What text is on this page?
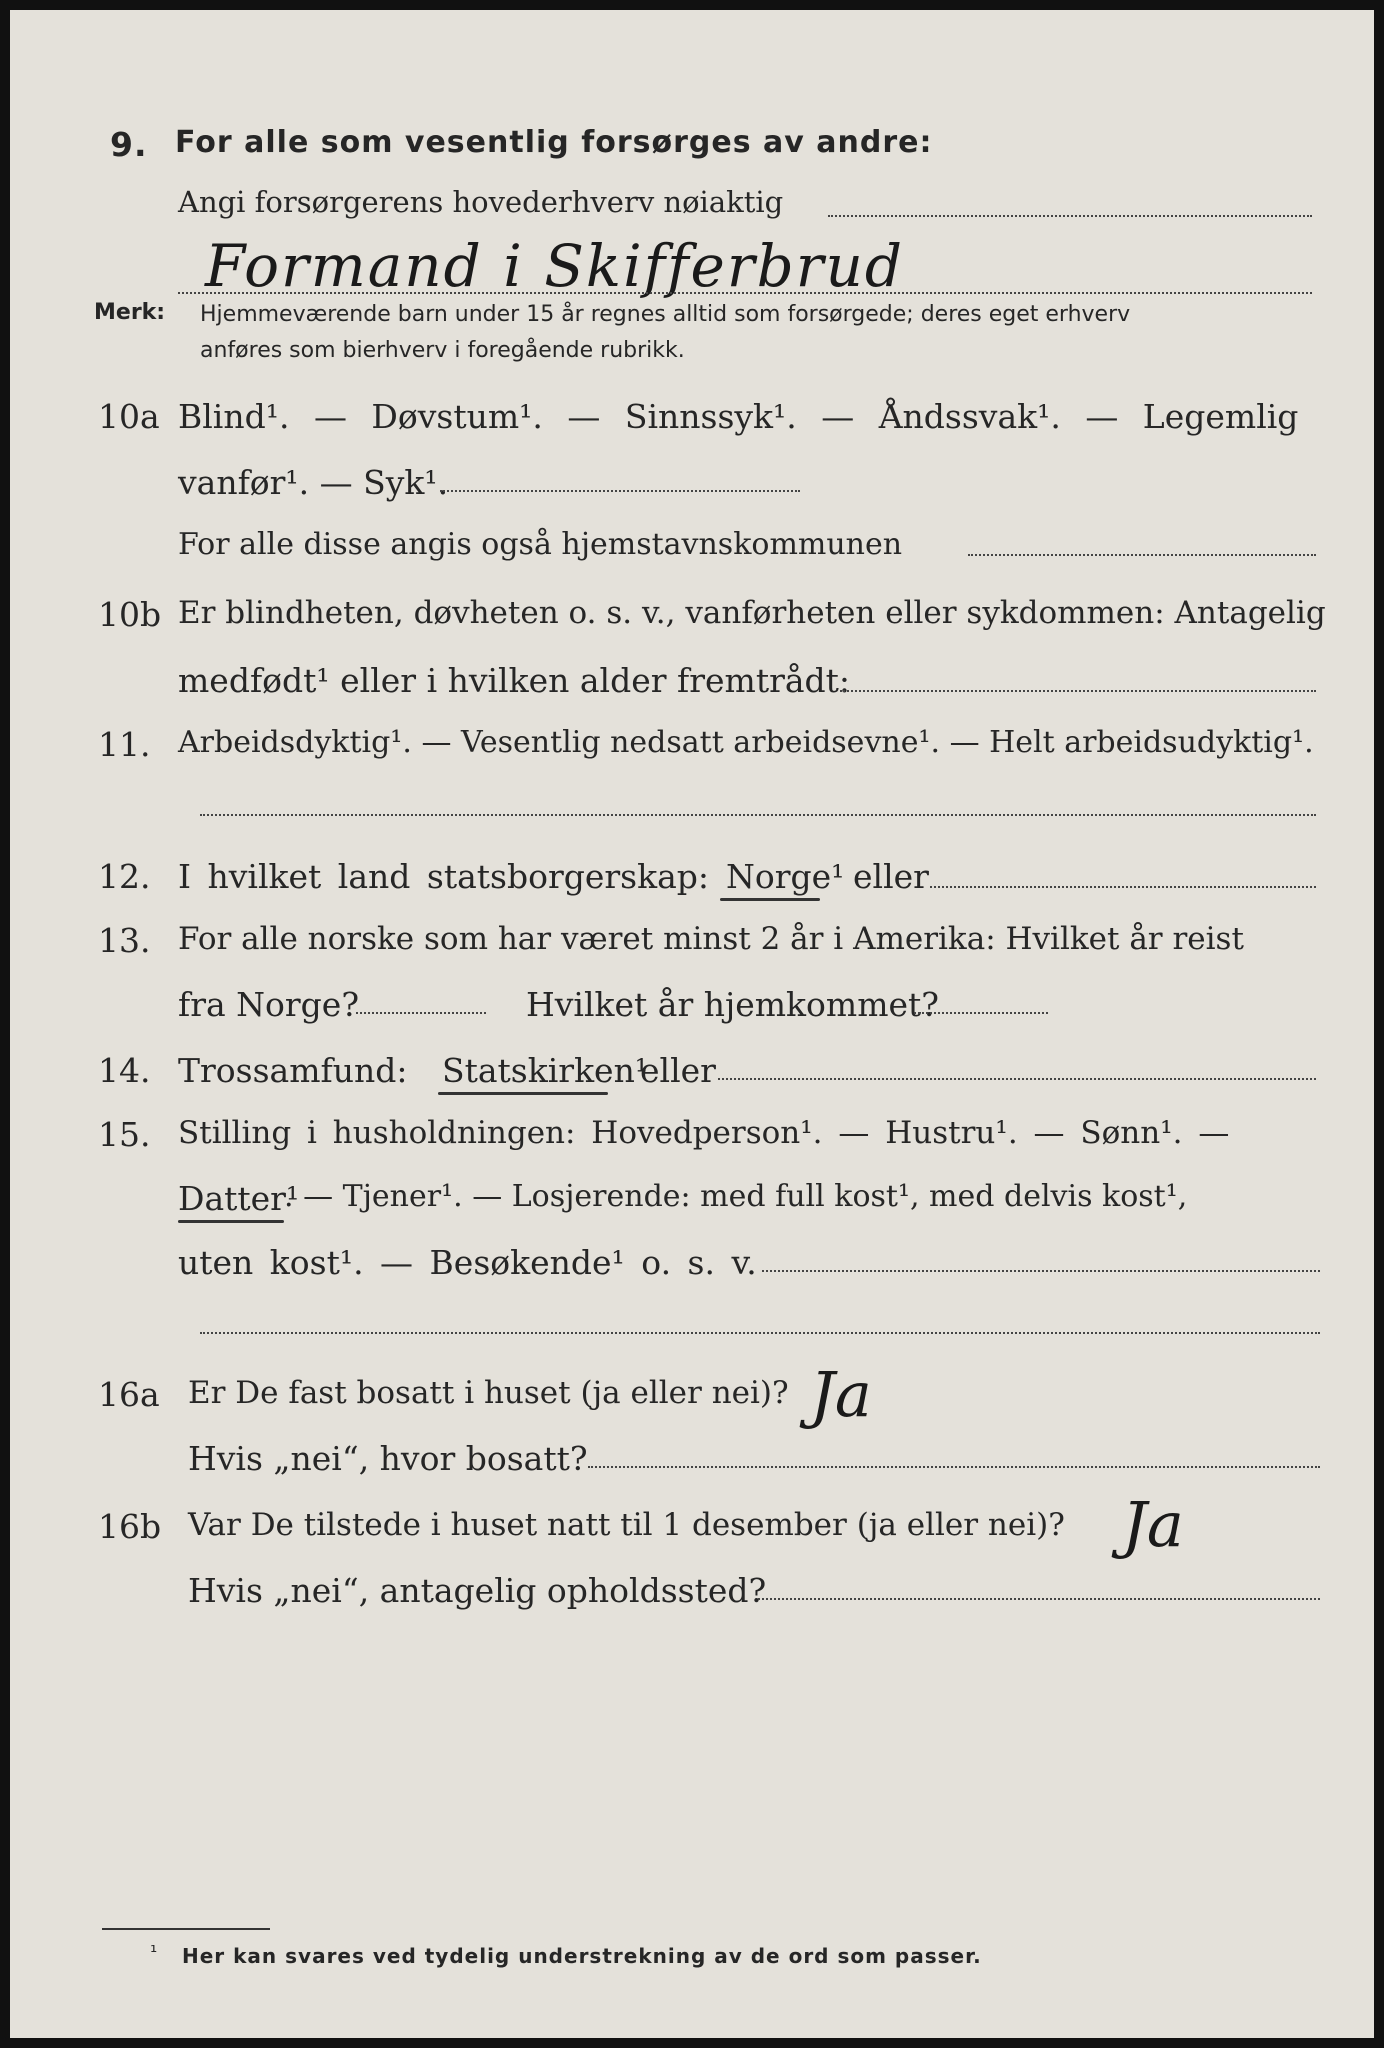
9. For alle som vesentlig forsørges av andre:
Angi forsørgerens hovederhverv nøiaktig
Formand i Skifferbrud
Merk: Hjemmeværende barn under 15 år regnes alltid som forsørgede; deres eget erhverv
anføres som bierhverv i foregående rubrikk.
10a Blind¹. — Døvstum¹. — Sinnssyk¹. — Åndssvak¹. — Legemlig
vanfør¹. — Syk¹.
For alle disse angis også hjemstavnskommunen
10b Er blindheten, døvheten o. s. v., vanførheten eller sykdommen: Antagelig
medfødt¹ eller i hvilken alder fremtrådt:
11. Arbeidsdyktig¹. — Vesentlig nedsatt arbeidsevne¹. — Helt arbeidsudyktig¹.
12. I hvilket land statsborgerskap: Norge¹ eller
13. For alle norske som har været minst 2 år i Amerika: Hvilket år reist
fra Norge?	Hvilket år hjemkommet?
14. Trossamfund: Statskirken¹
eller
15. Stilling i husholdningen: Hovedperson¹. — Hustru¹. — Sønn¹. —
Datter¹
. — Tjener¹. — Losjerende: med full kost¹, med delvis kost¹,
uten kost¹. — Besøkende¹ o. s. v.
16a Er De fast bosatt i huset (ja eller nei)? Ja
Hvis „nei“, hvor bosatt?
16b Var De tilstede i huset natt til 1 desember (ja eller nei)? Ja
Hvis „nei“, antagelig opholdssted?
¹ Her kan svares ved tydelig understrekning av de ord som passer.
